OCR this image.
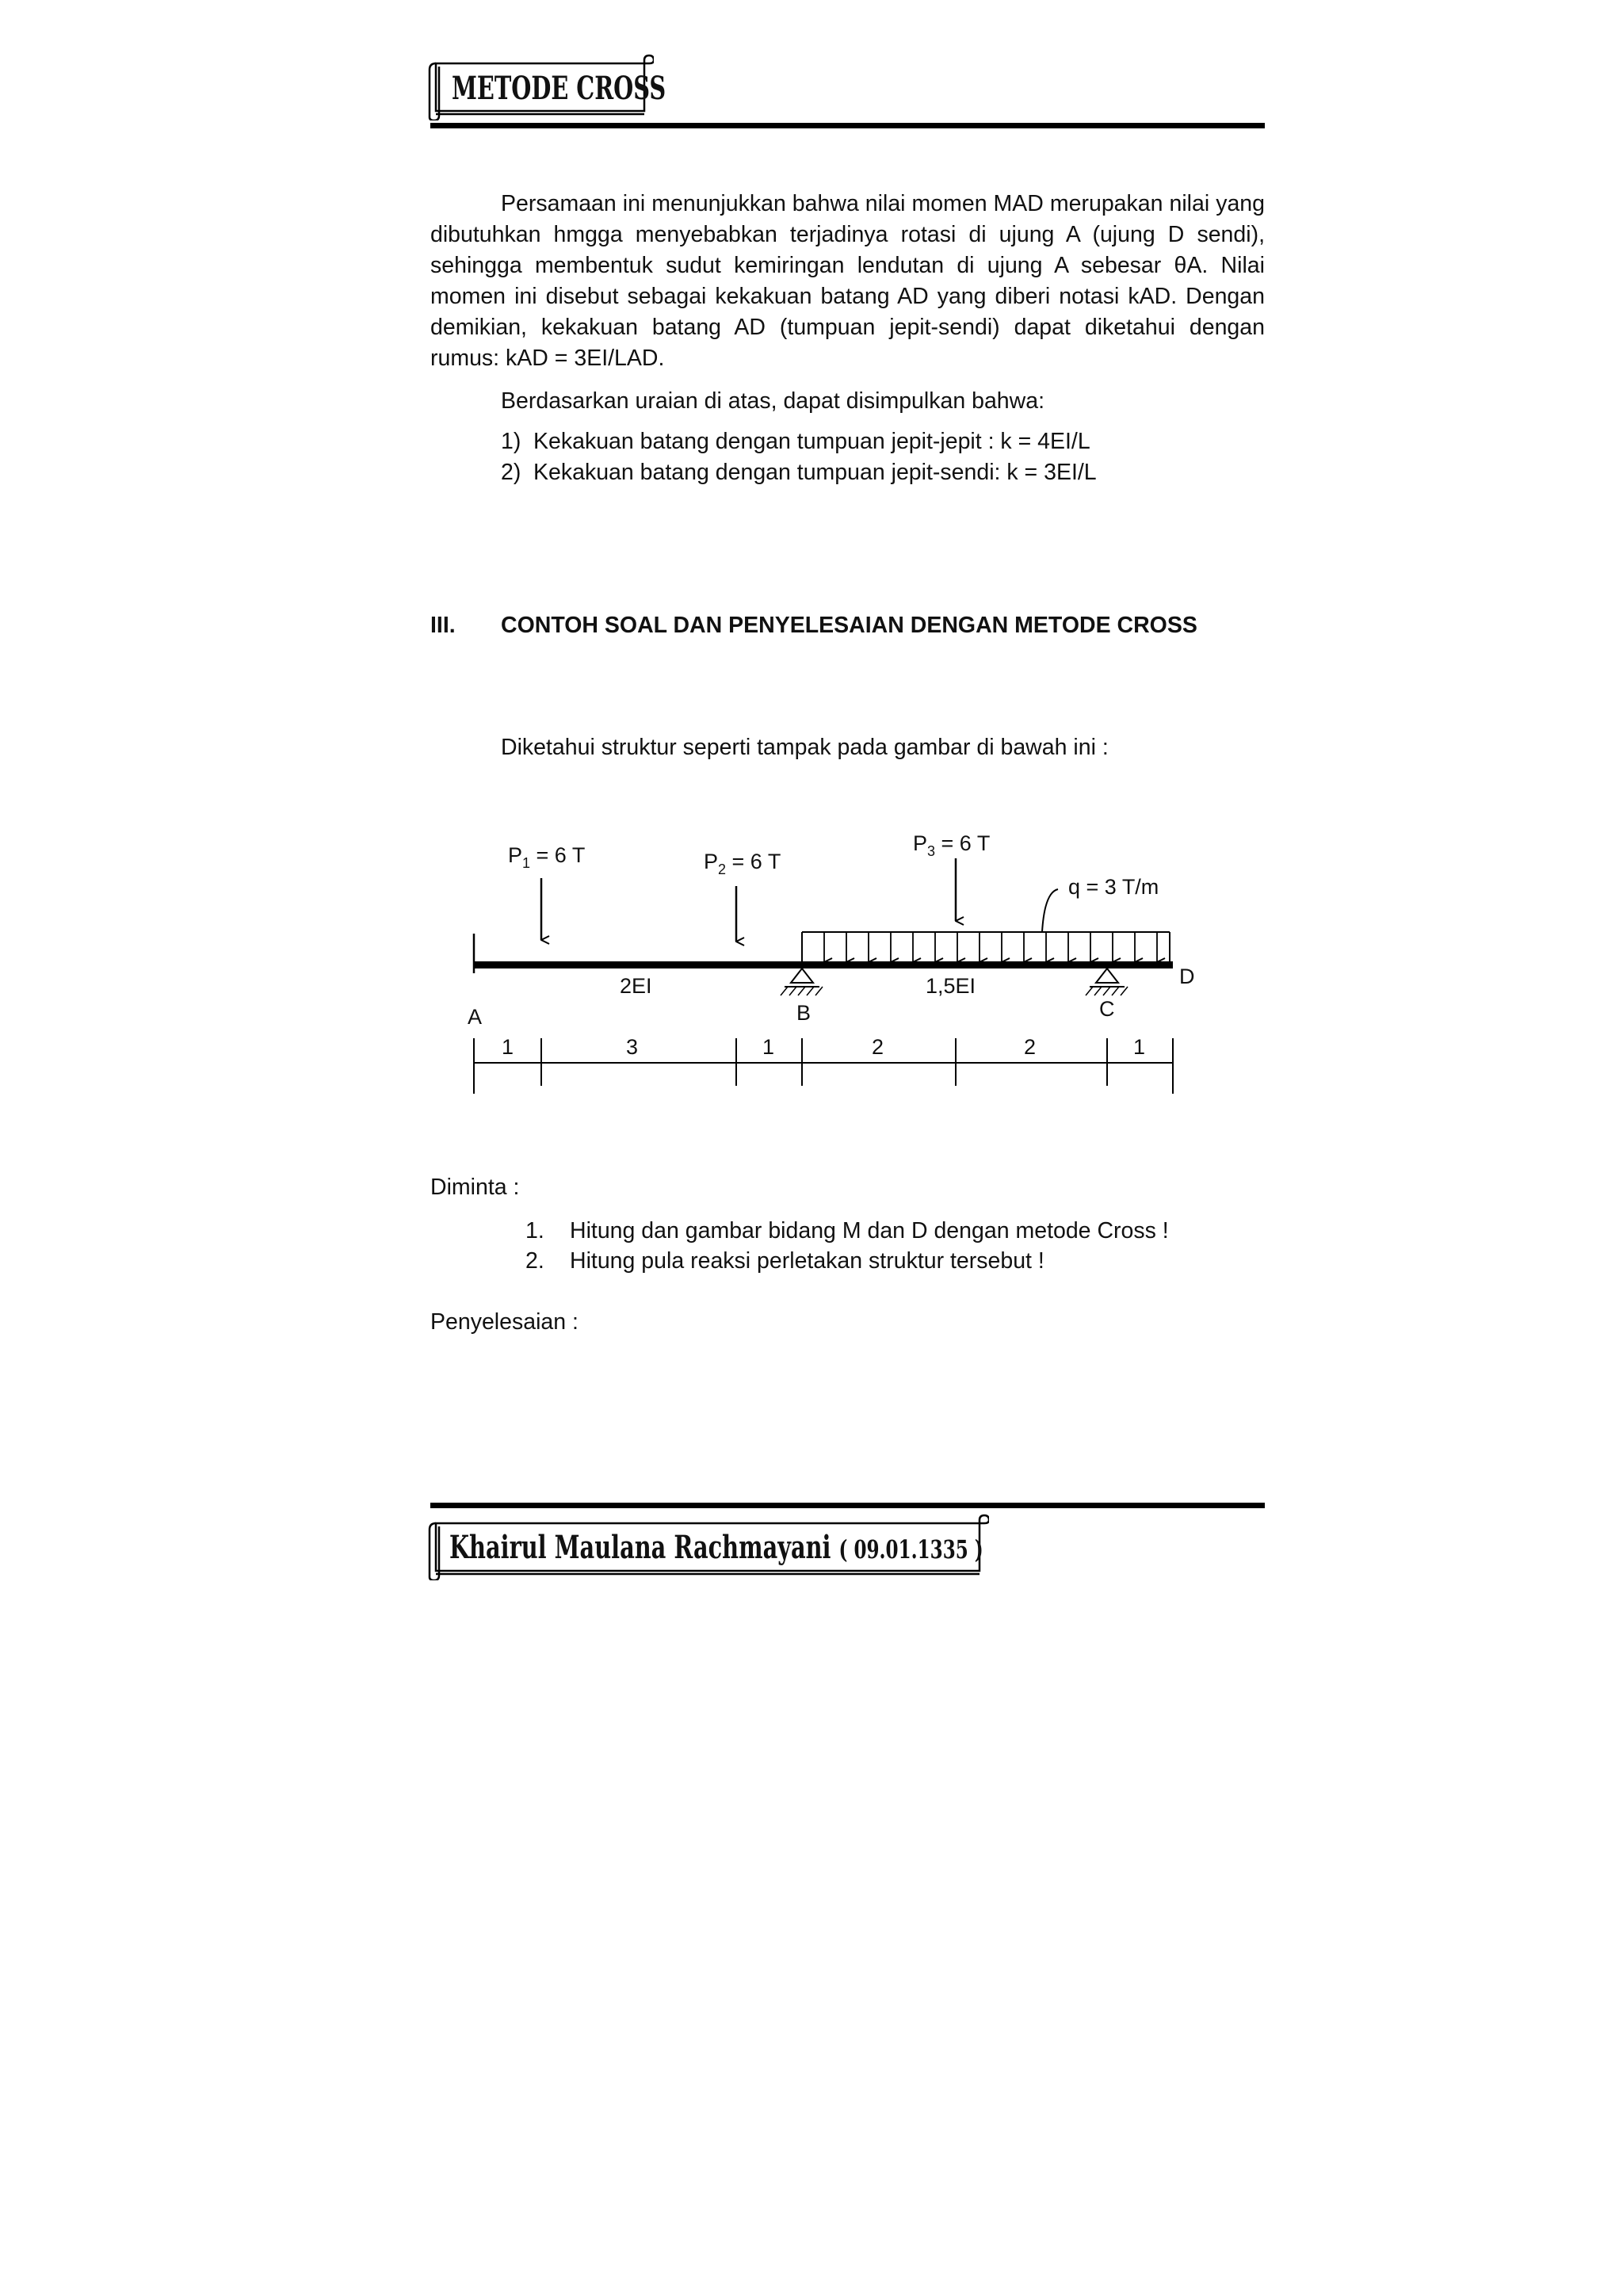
METODE CROSS
Persamaan ini menunjukkan bahwa nilai momen MAD merupakan nilai yang dibutuhkan hmgga menyebabkan terjadinya rotasi di ujung A (ujung D sendi), sehingga membentuk sudut kemiringan lendutan di ujung A sebesar θA. Nilai momen ini disebut sebagai kekakuan batang AD yang diberi notasi kAD. Dengan demikian, kekakuan batang AD (tumpuan jepit-sendi) dapat diketahui dengan rumus: kAD = 3EI/LAD.
Berdasarkan uraian di atas, dapat disimpulkan bahwa:
1) Kekakuan batang dengan tumpuan jepit-jepit : k = 4EI/L
2) Kekakuan batang dengan tumpuan jepit-sendi: k = 3EI/L
III. CONTOH SOAL DAN PENYELESAIAN DENGAN METODE CROSS
Diketahui struktur seperti tampak pada gambar di bawah ini :
$P_1 = 6$ T	$P_2 = 6$ T
$P_3 = 6$ T
q = 3 T/m
2EI	1,5EI
A	B	C
D
1	3	1	2	2	1
Diminta :
1. Hitung dan gambar bidang M dan D dengan metode Cross !
2. Hitung pula reaksi perletakan struktur tersebut !
Penyelesaian :
Khairul Maulana Rachmayani ( 09.01.1335 )
